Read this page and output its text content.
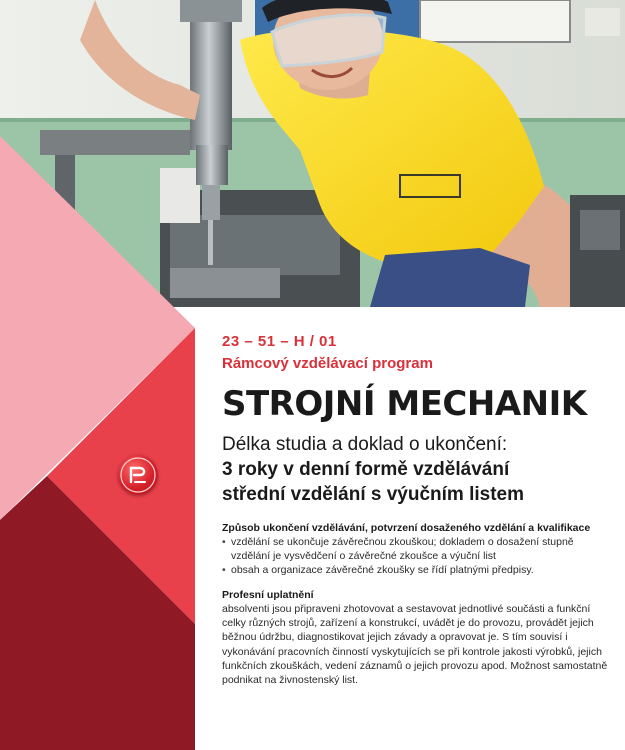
23 – 51 – H / 01

Rámcový vzdělávací program

STROJNÍ MECHANIK

Délka studia a doklad o ukončení:

3 roky v denní formě vzdělávání

střední vzdělání s výučním listem

Způsob ukončení vzdělávání, potvrzení dosaženého vzdělání a kvalifikace

• vzdělání se ukončuje závěrečnou zkouškou; dokladem o dosažení stupně vzdělání je vysvědčení o závěrečné zkoušce a výuční list
• obsah a organizace závěrečné zkoušky se řídí platnými předpisy.

Profesní uplatnění

absolventi jsou připraveni zhotovovat a sestavovat jednotlivé součásti a funkční celky různých strojů, zařízení a konstrukcí, uvádět je do provozu, provádět jejich běžnou údržbu, diagnostikovat jejich závady a opravovat je. S tím souvisí i vykonávání pracovních činností vyskytujících se při kontrole jakosti výrobků, jejich funkčních zkouškách, vedení záznamů o jejich provozu apod. Možnost samostatně podnikat na živnostenský list.
